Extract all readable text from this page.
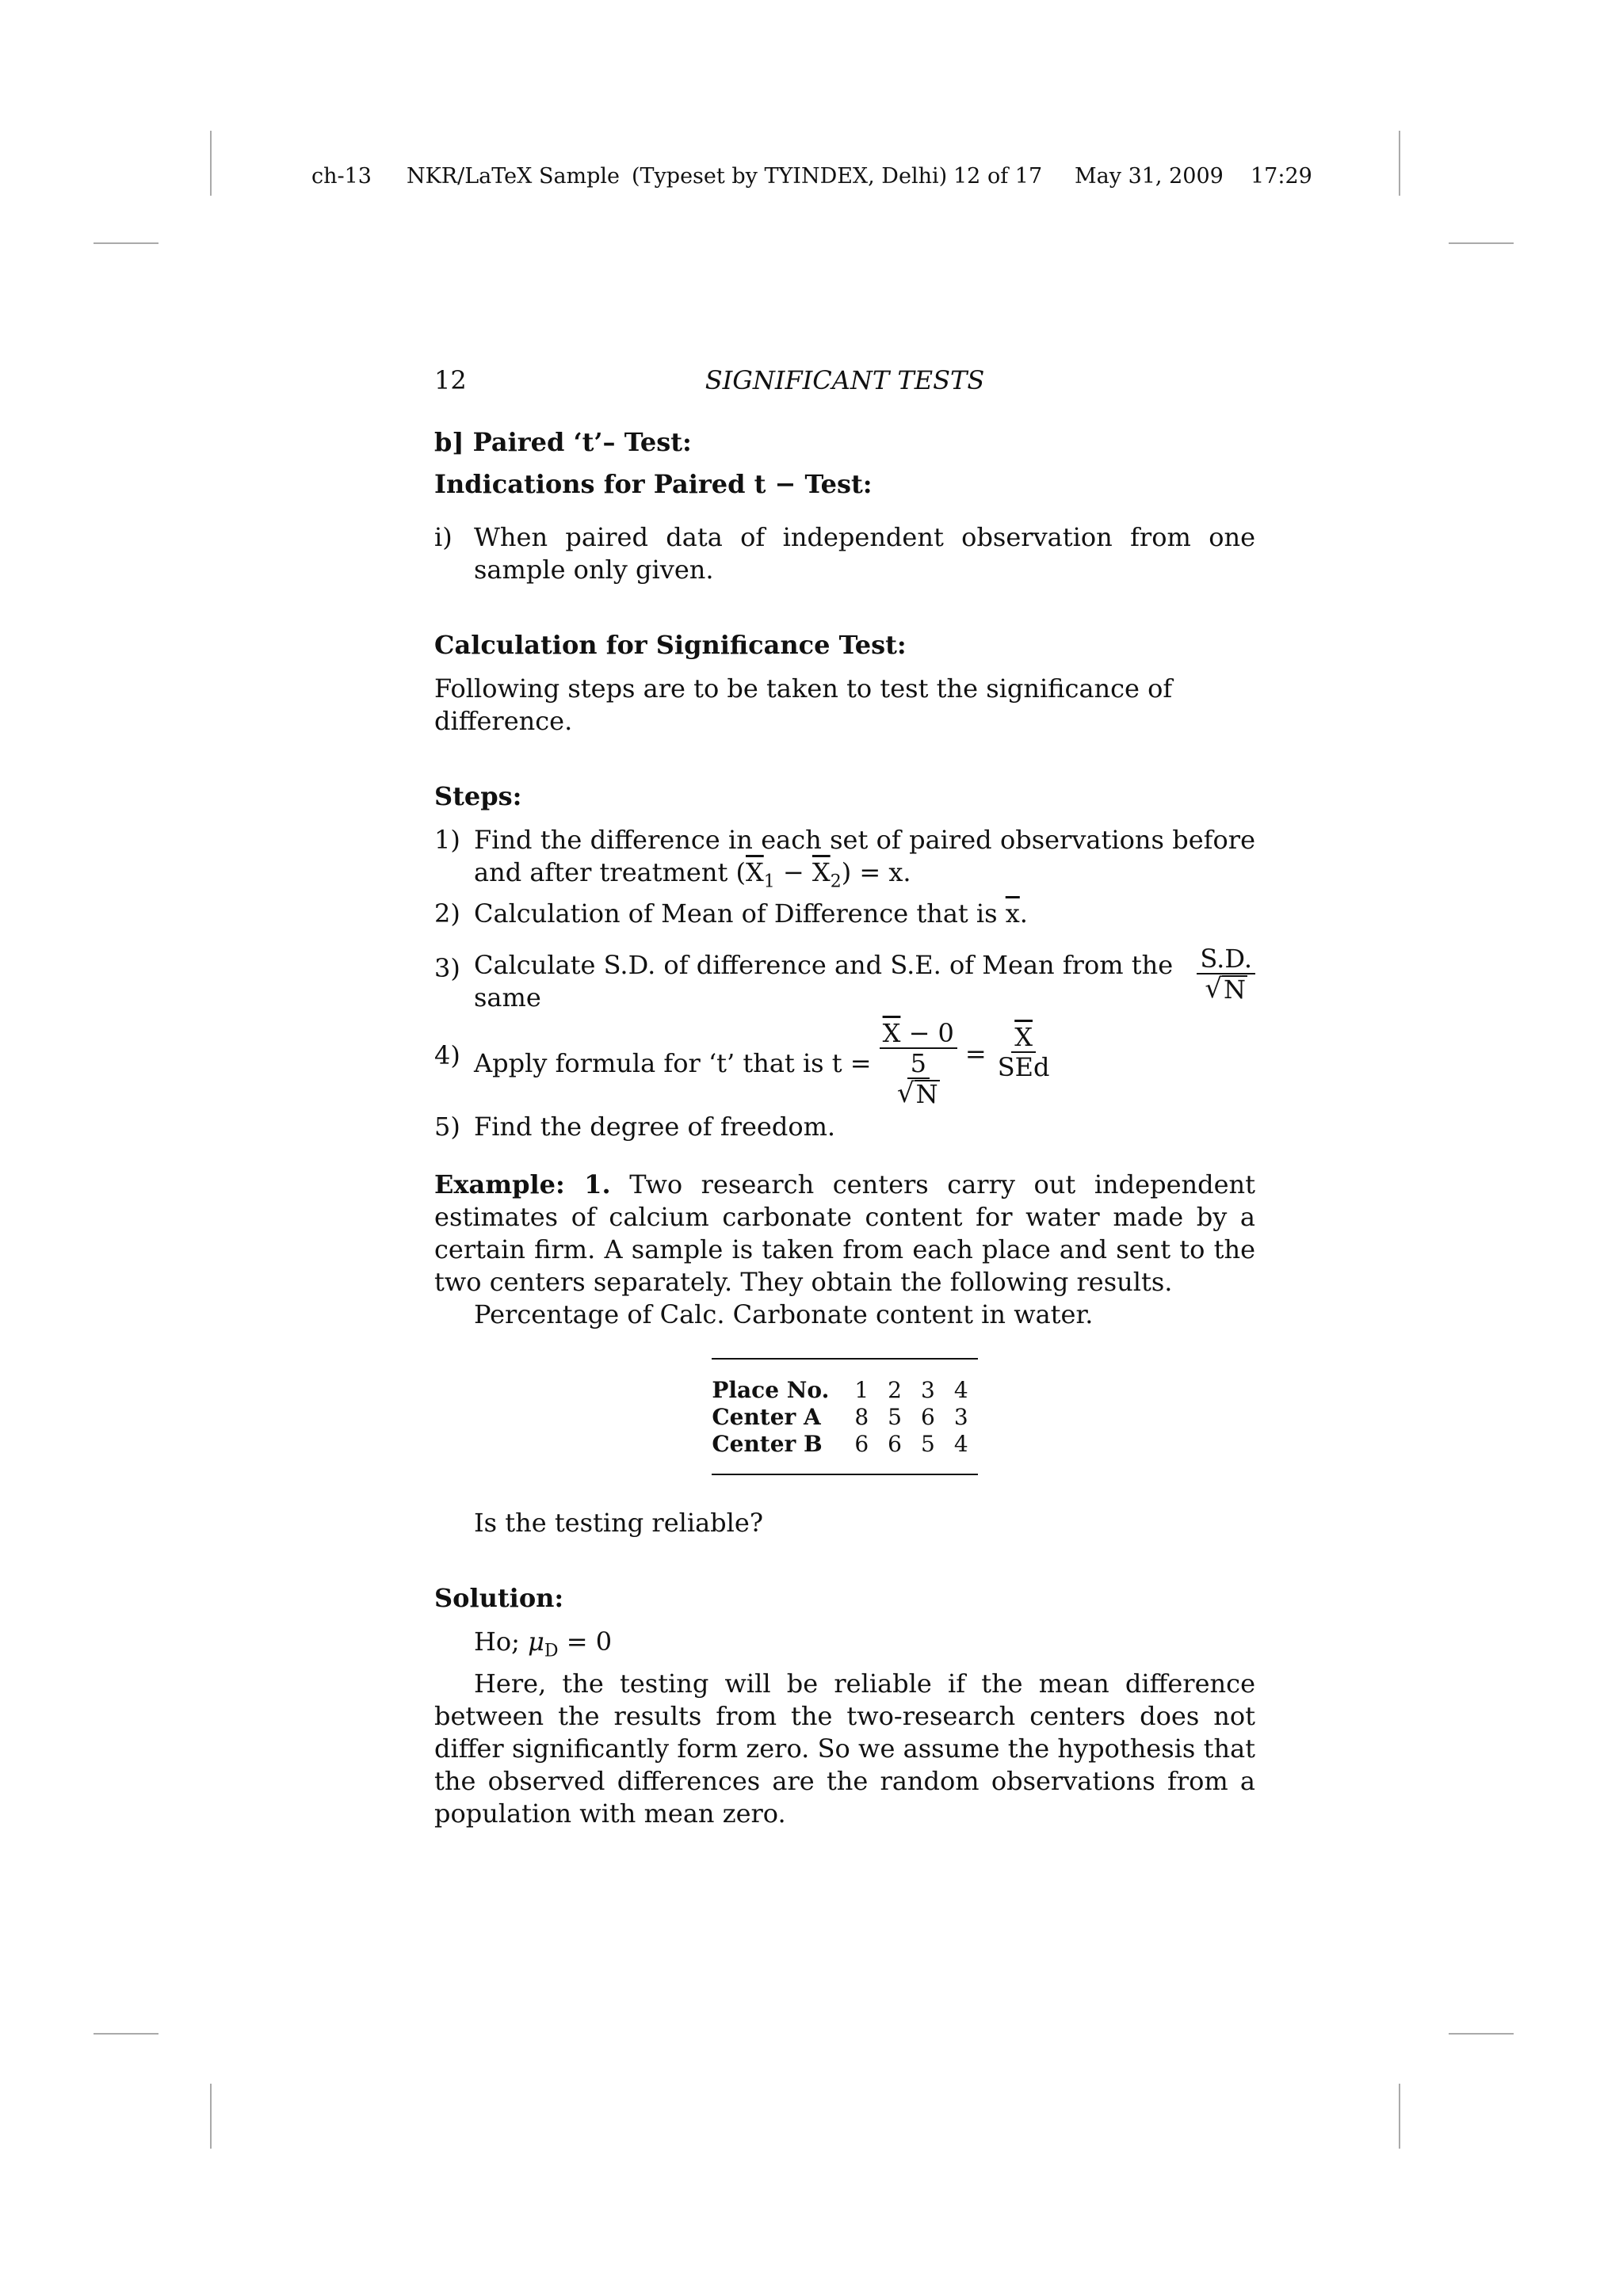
ch-13 NKR/LaTeX Sample (Typeset by TYINDEX, Delhi) 12 of 17 May 31, 2009 17:29
12	SIGNIFICANT TESTS

b] Paired ‘t’– Test:

Indications for Paired t − Test:

i) When paired data of independent observation from one sample only given.

Calculation for Significance Test:

Following steps are to be taken to test the significance of difference.

Steps:

1) Find the difference in each set of paired observations before and after treatment $(\overline{X}_1 - \overline{X}_2) = x$.
2) Calculation of Mean of Difference that is $\overline{x}$.
3) Calculate S.D. of difference and S.E. of Mean from the same	$\frac{S.D.}{√ N}$
4) Apply formula for ‘t’ that is $t = \frac{\overline{X} - 0}{\frac{5}{√ N}} = \frac{\overline{X}}{\text{SEd}}$
5) Find the degree of freedom.

Example: 1. Two research centers carry out independent estimates of calcium carbonate content for water made by a certain firm. A sample is taken from each place and sent to the two centers separately. They obtain the following results.

Percentage of Calc. Carbonate content in water.

Place No.	1	2	3	4
Center A	8	5	6	3
Center B	6	6	5	4

Is the testing reliable?

Solution:

Ho; $\mu_D = 0$

Here, the testing will be reliable if the mean difference between the results from the two-research centers does not differ significantly form zero. So we assume the hypothesis that the observed differences are the random observations from a population with mean zero.
